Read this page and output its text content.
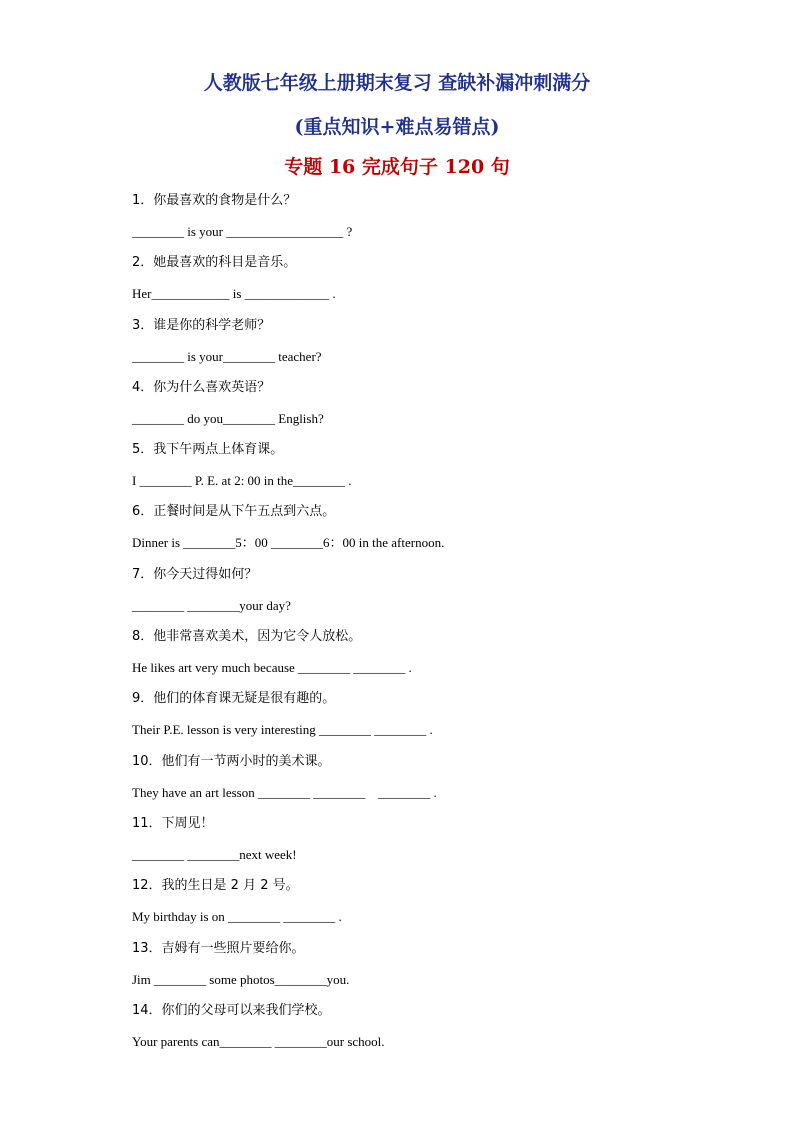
人教版七年级上册期末复习 查缺补漏冲刺满分
(重点知识+难点易错点)
专题 16 完成句子 120 句
1．你最喜欢的食物是什么？
________ is your __________________ ?
2．她最喜欢的科目是音乐。
Her____________ is _____________ .
3．谁是你的科学老师？
________ is your________ teacher?
4．你为什么喜欢英语？
________ do you________ English?
5．我下午两点上体育课。
I ________ P. E. at 2: 00 in the________ .
6．正餐时间是从下午五点到六点。
Dinner is ________5：00 ________6：00 in the afternoon.
7．你今天过得如何？
________ ________your day?
8．他非常喜欢美术，因为它令人放松。
He likes art very much because ________ ________ .
9．他们的体育课无疑是很有趣的。
Their P.E. lesson is very interesting ________ ________ .
10．他们有一节两小时的美术课。
They have an art lesson ________ ________    ________ .
11．下周见！
________ ________next week!
12．我的生日是 2 月 2 号。
My birthday is on ________ ________ .
13．吉姆有一些照片要给你。
Jim ________ some photos________you.
14．你们的父母可以来我们学校。
Your parents can________ ________our school.
